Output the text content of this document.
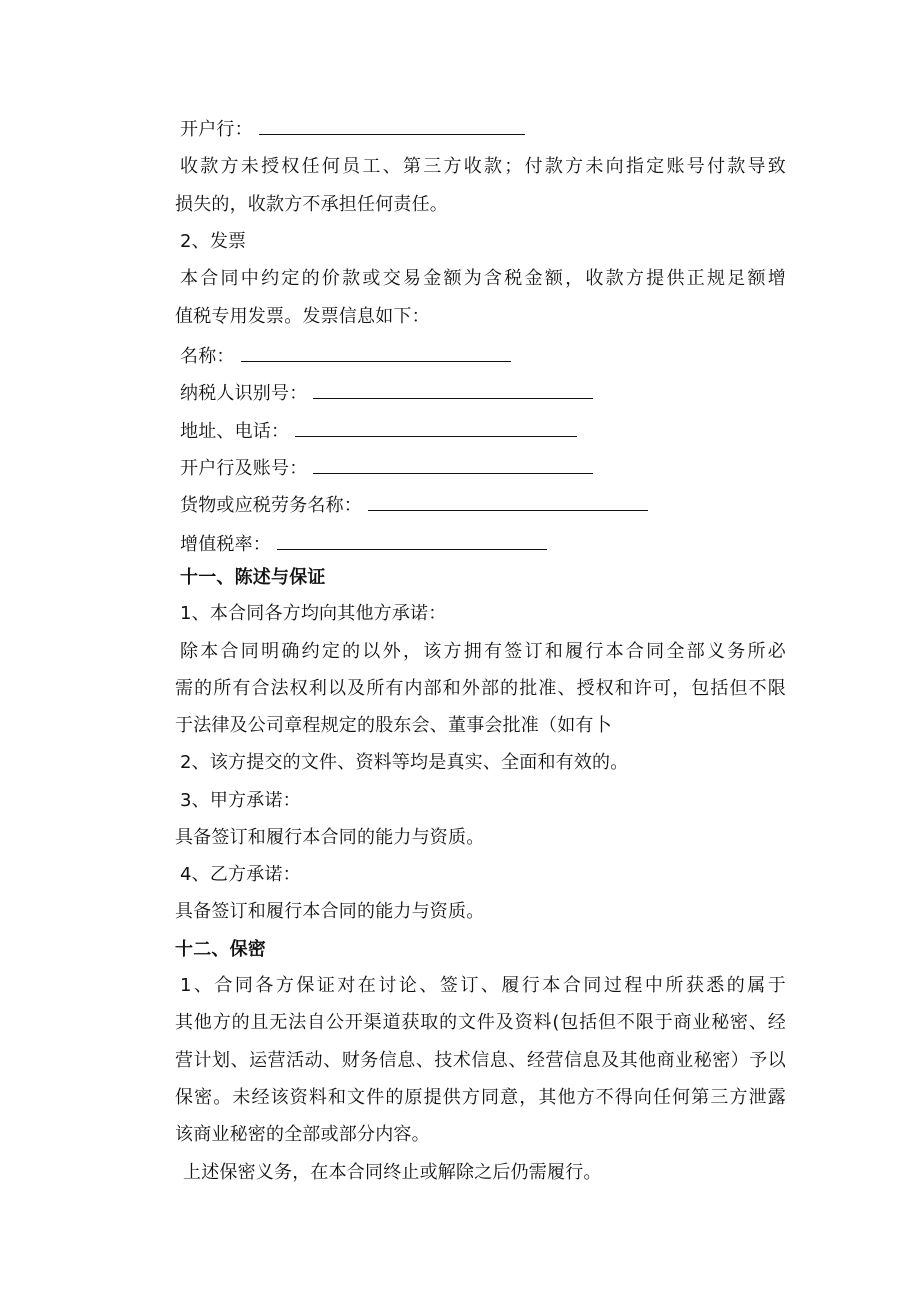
开户行：

收款方未授权任何员工、第三方收款；付款方未向指定账号付款导致

损失的，收款方不承担任何责任。

2、发票

本合同中约定的价款或交易金额为含税金额，收款方提供正规足额增

值税专用发票。发票信息如下：

名称：

纳税人识别号：

地址、电话：

开户行及账号：

货物或应税劳务名称：

增值税率：

十一、陈述与保证

1、本合同各方均向其他方承诺：

除本合同明确约定的以外，该方拥有签订和履行本合同全部义务所必

需的所有合法权利以及所有内部和外部的批准、授权和许可，包括但不限

于法律及公司章程规定的股东会、董事会批准（如有卜

2、该方提交的文件、资料等均是真实、全面和有效的。

3、甲方承诺：

具备签订和履行本合同的能力与资质。

4、乙方承诺：

具备签订和履行本合同的能力与资质。

十二、保密

1、合同各方保证对在讨论、签订、履行本合同过程中所获悉的属于

其他方的且无法自公开渠道获取的文件及资料(包括但不限于商业秘密、经

营计划、运营活动、财务信息、技术信息、经营信息及其他商业秘密）予以

保密。未经该资料和文件的原提供方同意，其他方不得向任何第三方泄露

该商业秘密的全部或部分内容。

上述保密义务，在本合同终止或解除之后仍需履行。
